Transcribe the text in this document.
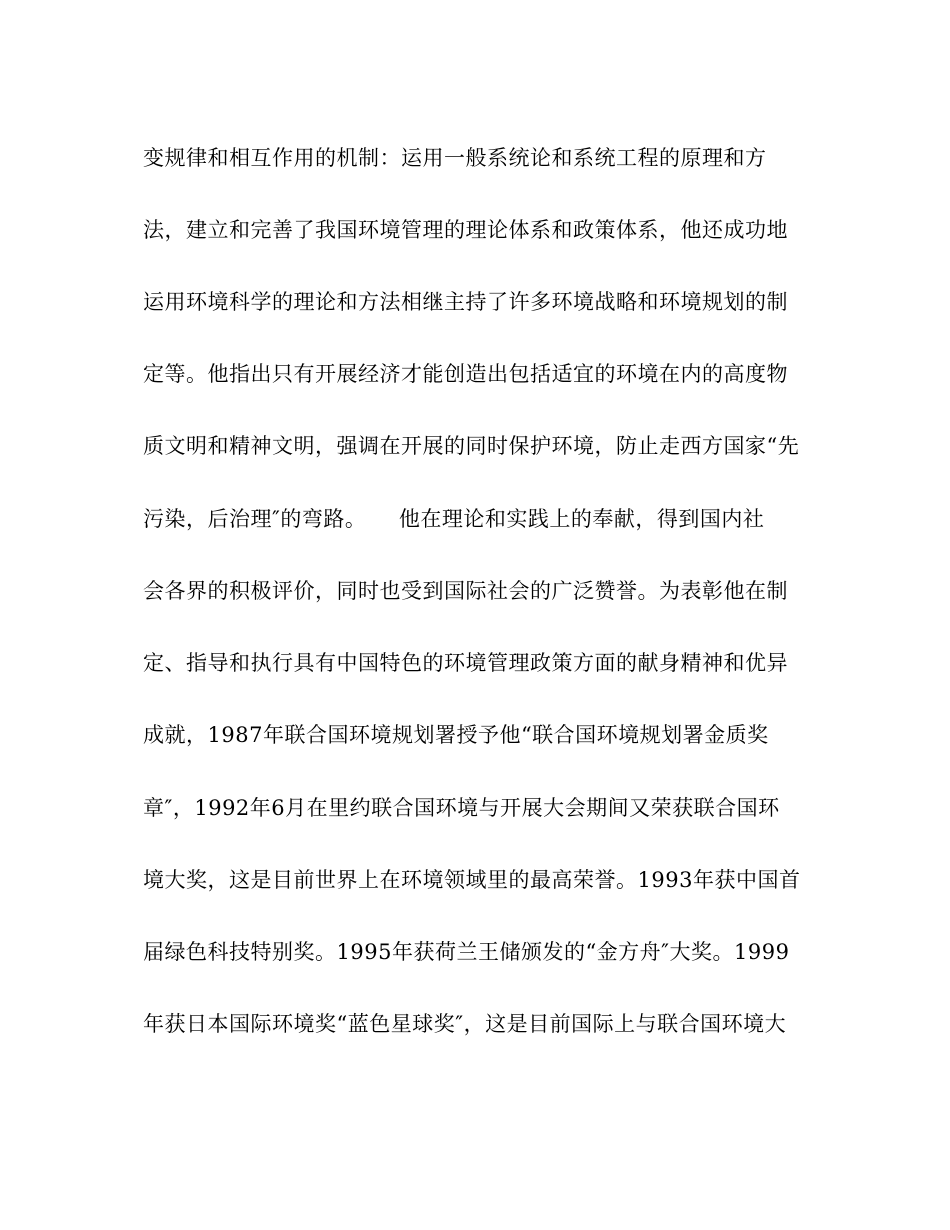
变规律和相互作用的机制：运用一般系统论和系统工程的原理和方
法，建立和完善了我国环境管理的理论体系和政策体系，他还成功地
运用环境科学的理论和方法相继主持了许多环境战略和环境规划的制
定等。他指出只有开展经济才能创造出包括适宜的环境在内的高度物
质文明和精神文明，强调在开展的同时保护环境，防止走西方国家“先
污染，后治理″的弯路。　　他在理论和实践上的奉献，得到国内社
会各界的积极评价，同时也受到国际社会的广泛赞誉。为表彰他在制
定、指导和执行具有中国特色的环境管理政策方面的献身精神和优异
成就，1987年联合国环境规划署授予他“联合国环境规划署金质奖
章″，1992年6月在里约联合国环境与开展大会期间又荣获联合国环
境大奖，这是目前世界上在环境领域里的最高荣誉。1993年获中国首
届绿色科技特别奖。1995年获荷兰王储颁发的“金方舟″大奖。1999
年获日本国际环境奖“蓝色星球奖″，这是目前国际上与联合国环境大
